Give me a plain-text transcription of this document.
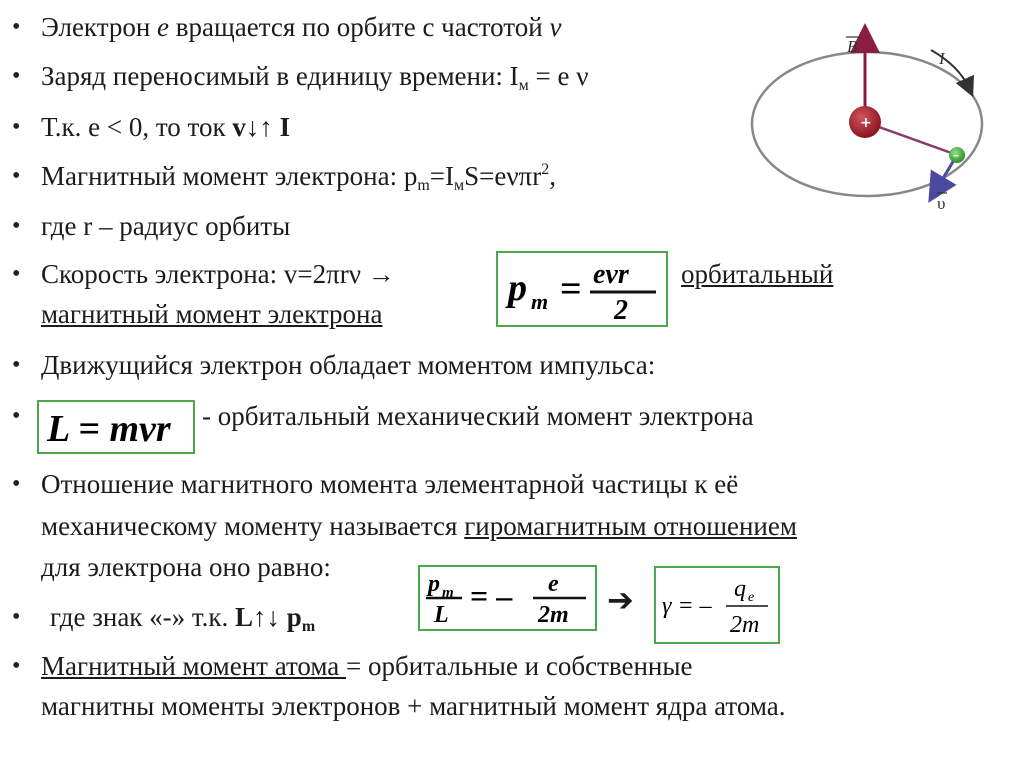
• Электрон е вращается по орбите с частотой ν
• Заряд переносимый в единицу времени: $I_м = е$ ν
• Т.к. е < 0, то ток v↓↑ I
• Магнитный момент электрона: $p_m=I_мS=e\nu\pi r^2$,
• где r – радиус орбиты
• Скорость электрона: v=2πrν →	орбитальный
магнитный момент электрона
• Движущийся электрон обладает моментом импульса:
•	- орбитальный механический момент электрона
• Отношение магнитного момента элементарной частицы к её
механическому моменту называется гиромагнитным отношением
для электрона оно равно:
• где знак «-» т.к. L↑↓ $p_m$
• Магнитный момент атома = орбитальные и собственные
магнитны моменты электронов + магнитный момент ядра атома.
p m = evr
2
L = mvr
p m
L
= – e
2m ➔ γ = –
q e
2m
B
+
υ
–
I
